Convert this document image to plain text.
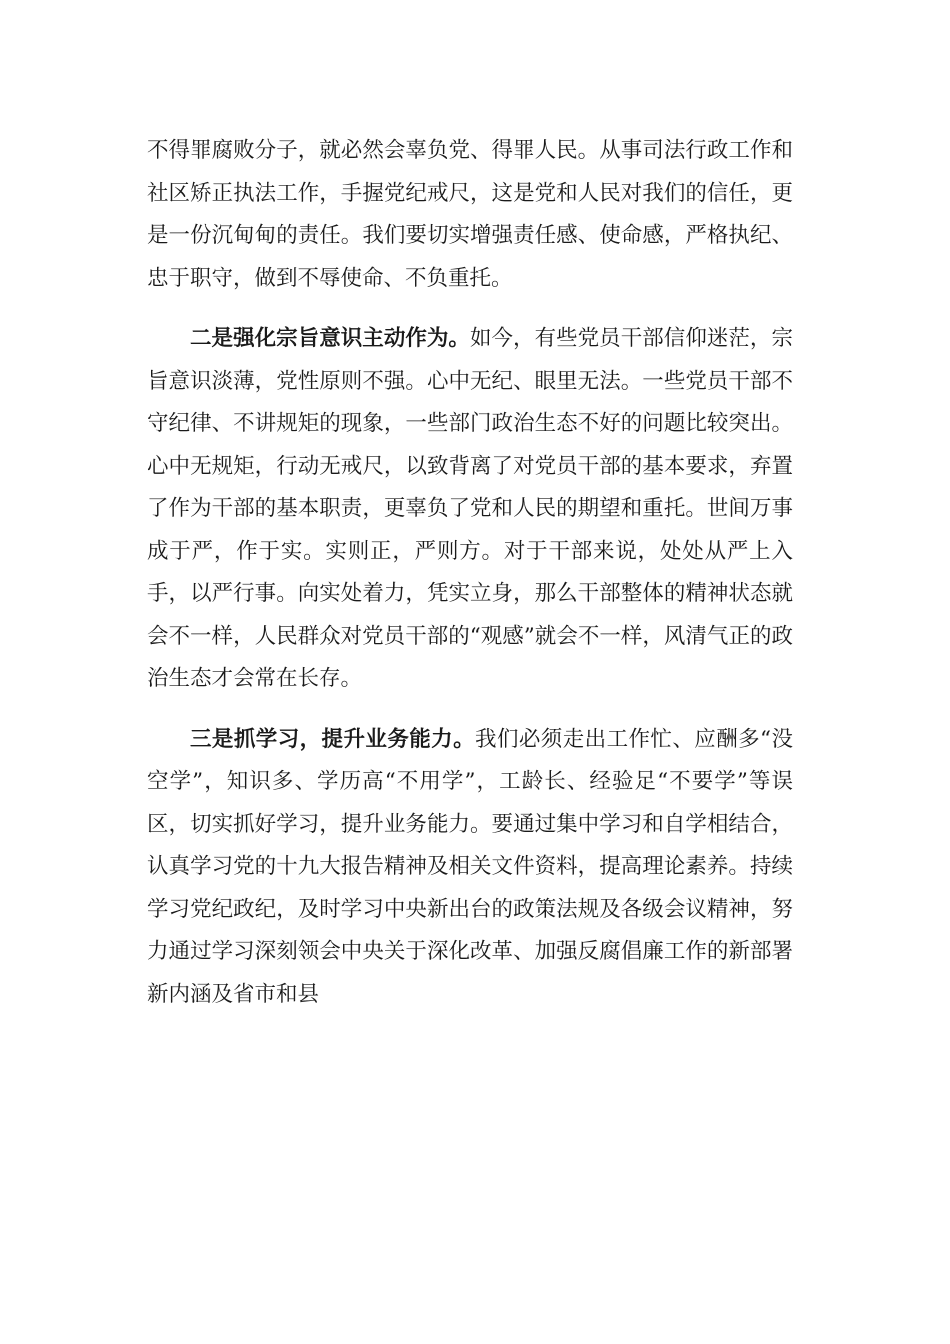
不得罪腐败分子，就必然会辜负党、得罪人民。从事司法行政工作和社区矫正执法工作，手握党纪戒尺，这是党和人民对我们的信任，更是一份沉甸甸的责任。我们要切实增强责任感、使命感，严格执纪、忠于职守，做到不辱使命、不负重托。

二是强化宗旨意识主动作为。如今，有些党员干部信仰迷茫，宗旨意识淡薄，党性原则不强。心中无纪、眼里无法。一些党员干部不守纪律、不讲规矩的现象，一些部门政治生态不好的问题比较突出。心中无规矩，行动无戒尺，以致背离了对党员干部的基本要求，弃置了作为干部的基本职责，更辜负了党和人民的期望和重托。世间万事成于严，作于实。实则正，严则方。对于干部来说，处处从严上入手，以严行事。向实处着力，凭实立身，那么干部整体的精神状态就会不一样，人民群众对党员干部的“观感”就会不一样，风清气正的政治生态才会常在长存。

三是抓学习，提升业务能力。我们必须走出工作忙、应酬多“没空学”，知识多、学历高“不用学”，工龄长、经验足“不要学”等误区，切实抓好学习，提升业务能力。要通过集中学习和自学相结合，认真学习党的十九大报告精神及相关文件资料，提高理论素养。持续学习党纪政纪，及时学习中央新出台的政策法规及各级会议精神，努力通过学习深刻领会中央关于深化改革、加强反腐倡廉工作的新部署新内涵及省市和县
